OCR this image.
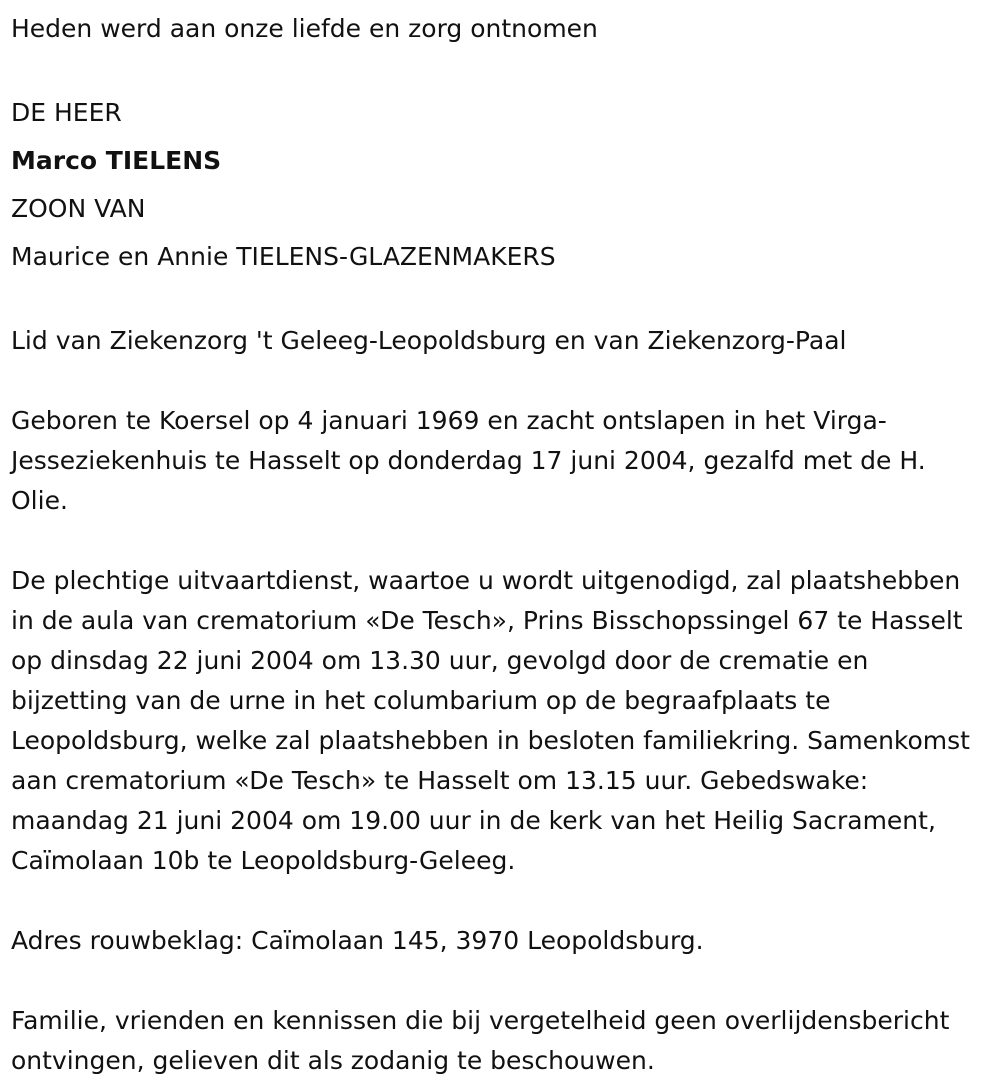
Heden werd aan onze liefde en zorg ontnomen

DE HEER

Marco TIELENS

ZOON VAN

Maurice en Annie TIELENS-GLAZENMAKERS

Lid van Ziekenzorg 't Geleeg-Leopoldsburg en van Ziekenzorg-Paal

Geboren te Koersel op 4 januari 1969 en zacht ontslapen in het Virga-Jesseziekenhuis te Hasselt op donderdag 17 juni 2004, gezalfd met de H. Olie.

De plechtige uitvaartdienst, waartoe u wordt uitgenodigd, zal plaatshebben in de aula van crematorium «De Tesch», Prins Bisschopssingel 67 te Hasselt op dinsdag 22 juni 2004 om 13.30 uur, gevolgd door de crematie en bijzetting van de urne in het columbarium op de begraafplaats te Leopoldsburg, welke zal plaatshebben in besloten familiekring. Samenkomst aan crematorium «De Tesch» te Hasselt om 13.15 uur. Gebedswake: maandag 21 juni 2004 om 19.00 uur in de kerk van het Heilig Sacrament, Caïmolaan 10b te Leopoldsburg-Geleeg.

Adres rouwbeklag: Caïmolaan 145, 3970 Leopoldsburg.

Familie, vrienden en kennissen die bij vergetelheid geen overlijdensbericht ontvingen, gelieven dit als zodanig te beschouwen.
